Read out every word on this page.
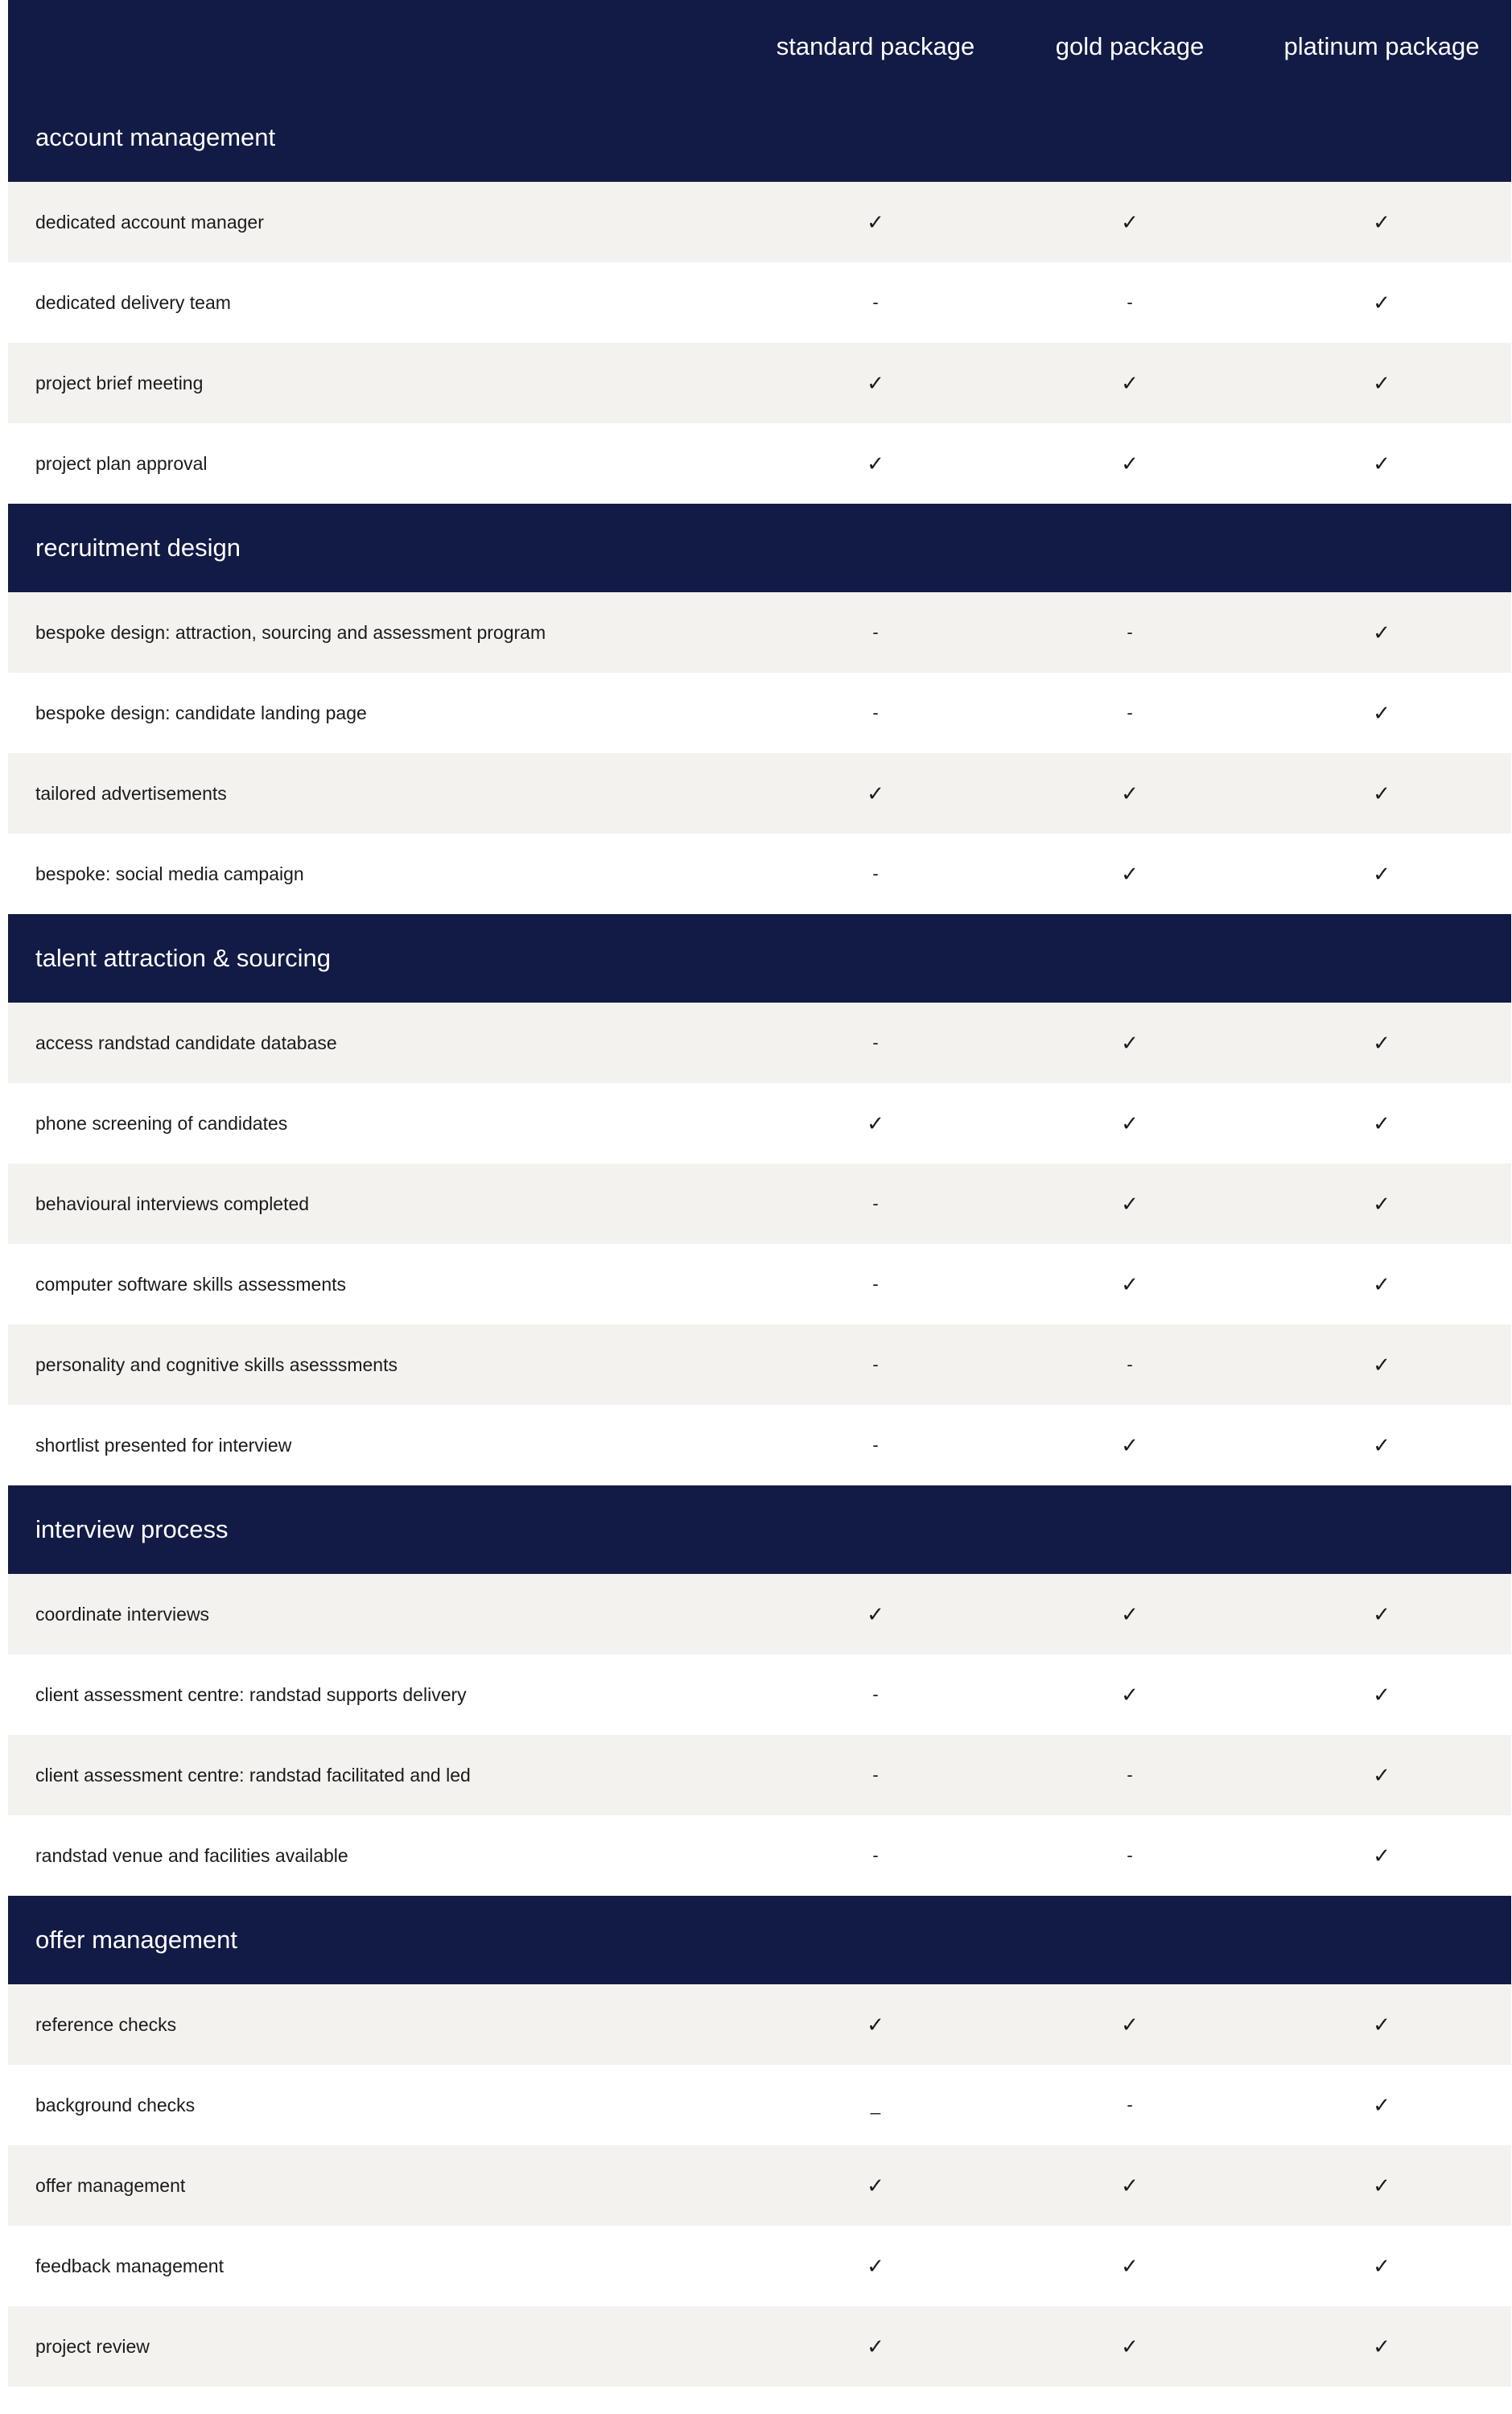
standard package	gold package	platinum package
account management
dedicated account manager	✓	✓	✓
dedicated delivery team	-	-	✓
project brief meeting	✓	✓	✓
project plan approval	✓	✓	✓
recruitment design
bespoke design: attraction, sourcing and assessment program	-	-	✓
bespoke design: candidate landing page	-	-	✓
tailored advertisements	✓	✓	✓
bespoke: social media campaign	-	✓	✓
talent attraction & sourcing
access randstad candidate database	-	✓	✓
phone screening of candidates	✓	✓	✓
behavioural interviews completed	-	✓	✓
computer software skills assessments	-	✓	✓
personality and cognitive skills asesssments	-	-	✓
shortlist presented for interview	-	✓	✓
interview process
coordinate interviews	✓	✓	✓
client assessment centre: randstad supports delivery	-	✓	✓
client assessment centre: randstad facilitated and led	-	-	✓
randstad venue and facilities available	-	-	✓
offer management
reference checks	✓	✓	✓
background checks	_	-	✓
offer management	✓	✓	✓
feedback management	✓	✓	✓
project review	✓	✓	✓
